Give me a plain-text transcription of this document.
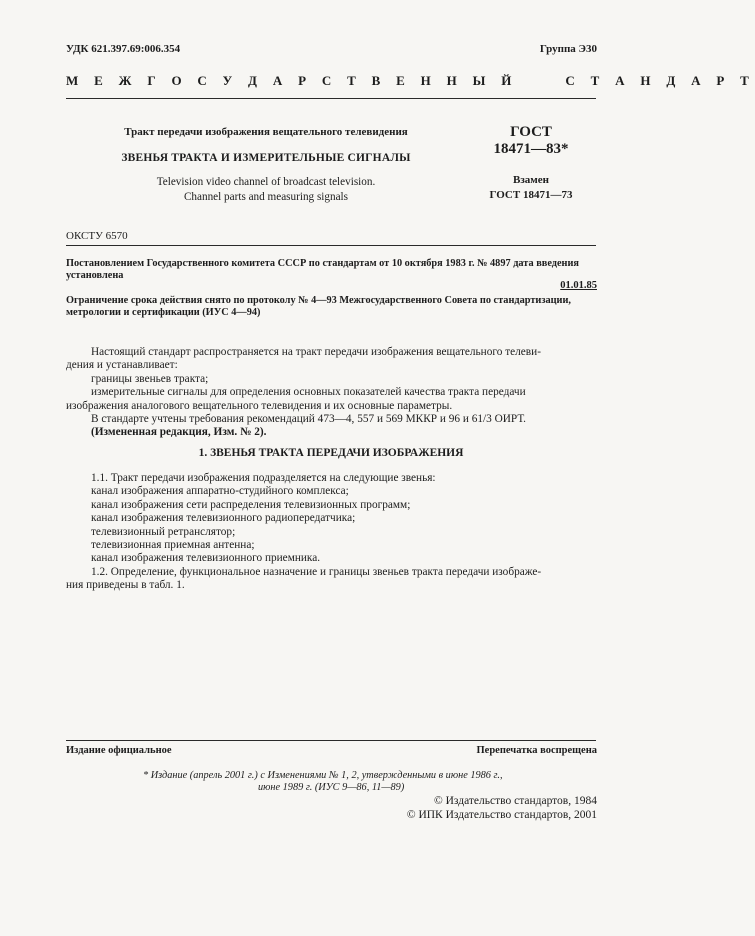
УДК 621.397.69:006.354	Группа Э30
М Е Ж Г О С У Д А Р С Т В Е Н Н Ы Й     С Т А Н Д А Р Т
Тракт передачи изображения вещательного телевидения
ЗВЕНЬЯ ТРАКТА И ИЗМЕРИТЕЛЬНЫЕ СИГНАЛЫ
Television video channel of broadcast television.
Channel parts and measuring signals
ГОСТ
18471—83*
Взамен
ГОСТ 18471—73
ОКСТУ 6570
Постановлением Государственного комитета СССР по стандартам от 10 октября 1983 г. № 4897 дата введения
установлена
01.01.85
Ограничение срока действия снято по протоколу № 4—93 Межгосударственного Совета по стандартизации,
метрологии и сертификации (ИУС 4—94)
Настоящий стандарт распространяется на тракт передачи изображения вещательного телеви-
дения и устанавливает:
границы звеньев тракта;
измерительные сигналы для определения основных показателей качества тракта передачи
изображения аналогового вещательного телевидения и их основные параметры.
В стандарте учтены требования рекомендаций 473—4, 557 и 569 МККР и 96 и 61/3 ОИРТ.
(Измененная редакция, Изм. № 2).
1. ЗВЕНЬЯ ТРАКТА ПЕРЕДАЧИ ИЗОБРАЖЕНИЯ
1.1. Тракт передачи изображения подразделяется на следующие звенья:
канал изображения аппаратно-студийного комплекса;
канал изображения сети распределения телевизионных программ;
канал изображения телевизионного радиопередатчика;
телевизионный ретранслятор;
телевизионная приемная антенна;
канал изображения телевизионного приемника.
1.2. Определение, функциональное назначение и границы звеньев тракта передачи изображе-
ния приведены в табл. 1.
Издание официальное	Перепечатка воспрещена
* Издание (апрель 2001 г.) с Изменениями № 1, 2, утвержденными в июне 1986 г.,
июне 1989 г. (ИУС 9—86, 11—89)
© Издательство стандартов, 1984
© ИПК Издательство стандартов, 2001
